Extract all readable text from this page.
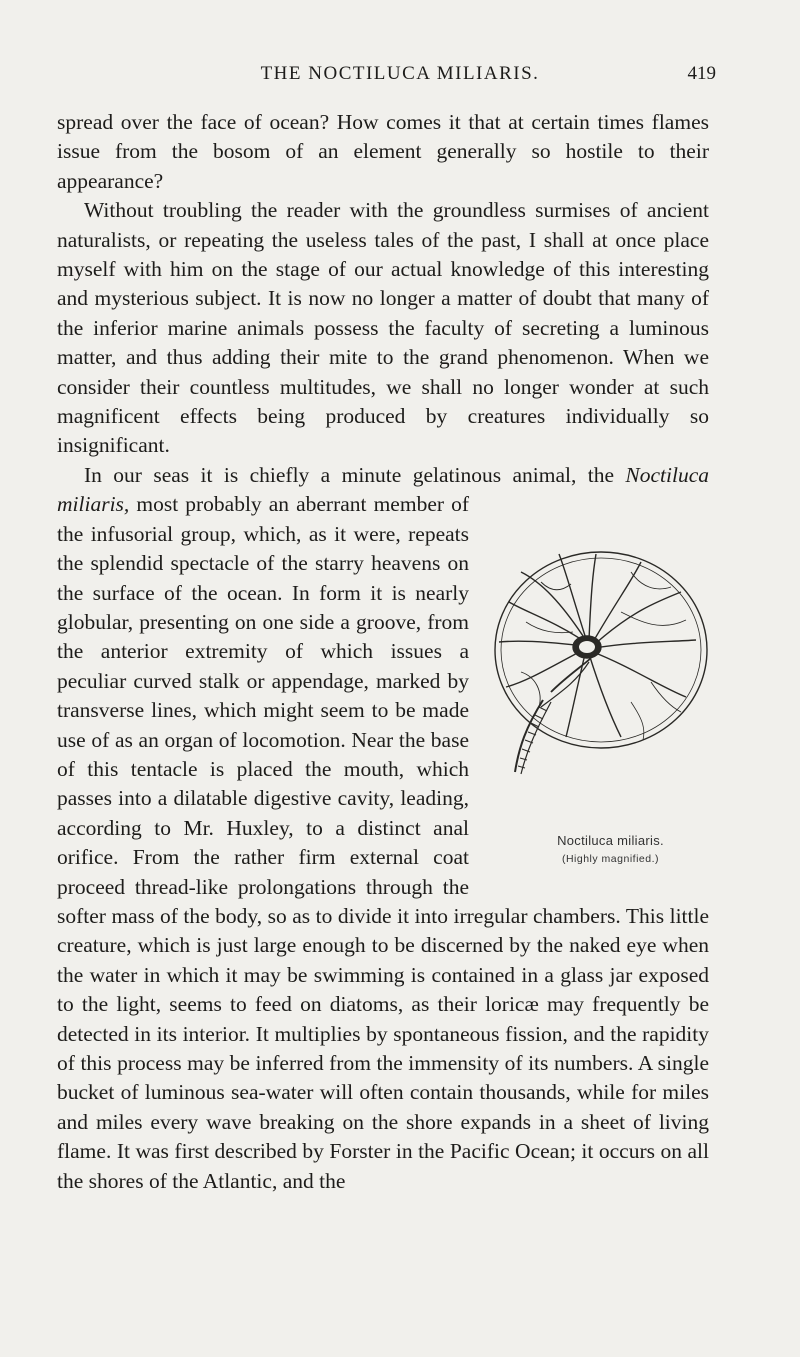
THE NOCTILUCA MILIARIS.	419

spread over the face of ocean? How comes it that at certain times flames issue from the bosom of an element generally so hostile to their appearance?

Without troubling the reader with the groundless surmises of ancient naturalists, or repeating the useless tales of the past, I shall at once place myself with him on the stage of our actual knowledge of this interesting and mysterious subject. It is now no longer a matter of doubt that many of the inferior marine animals possess the faculty of secreting a luminous matter, and thus adding their mite to the grand phenomenon. When we consider their countless multitudes, we shall no longer wonder at such magnificent effects being produced by creatures individually so insignificant.

In our seas it is chiefly a minute gelatinous animal, the Noctiluca miliaris,
Noctiluca miliaris.
(Highly magnified.)
most probably an aberrant member of the infusorial group, which, as it were, repeats the splendid spectacle of the starry heavens on the surface of the ocean. In form it is nearly globular, presenting on one side a groove, from the anterior extremity of which issues a peculiar curved stalk or appendage, marked by transverse lines, which might seem to be made use of as an organ of locomotion. Near the base of this tentacle is placed the mouth, which passes into a dilatable digestive cavity, leading, according to Mr. Huxley, to a distinct anal orifice. From the rather firm external coat proceed thread-like prolongations through the softer mass of the body, so as to divide it into irregular chambers. This little creature, which is just large enough to be discerned by the naked eye when the water in which it may be swimming is contained in a glass jar exposed to the light, seems to feed on diatoms, as their loricæ may frequently be detected in its interior. It multiplies by spontaneous fission, and the rapidity of this process may be inferred from the immensity of its numbers. A single bucket of luminous sea-water will often contain thousands, while for miles and miles every wave breaking on the shore expands in a sheet of living flame. It was first described by Forster in the Pacific Ocean; it occurs on all the shores of the Atlantic, and the
